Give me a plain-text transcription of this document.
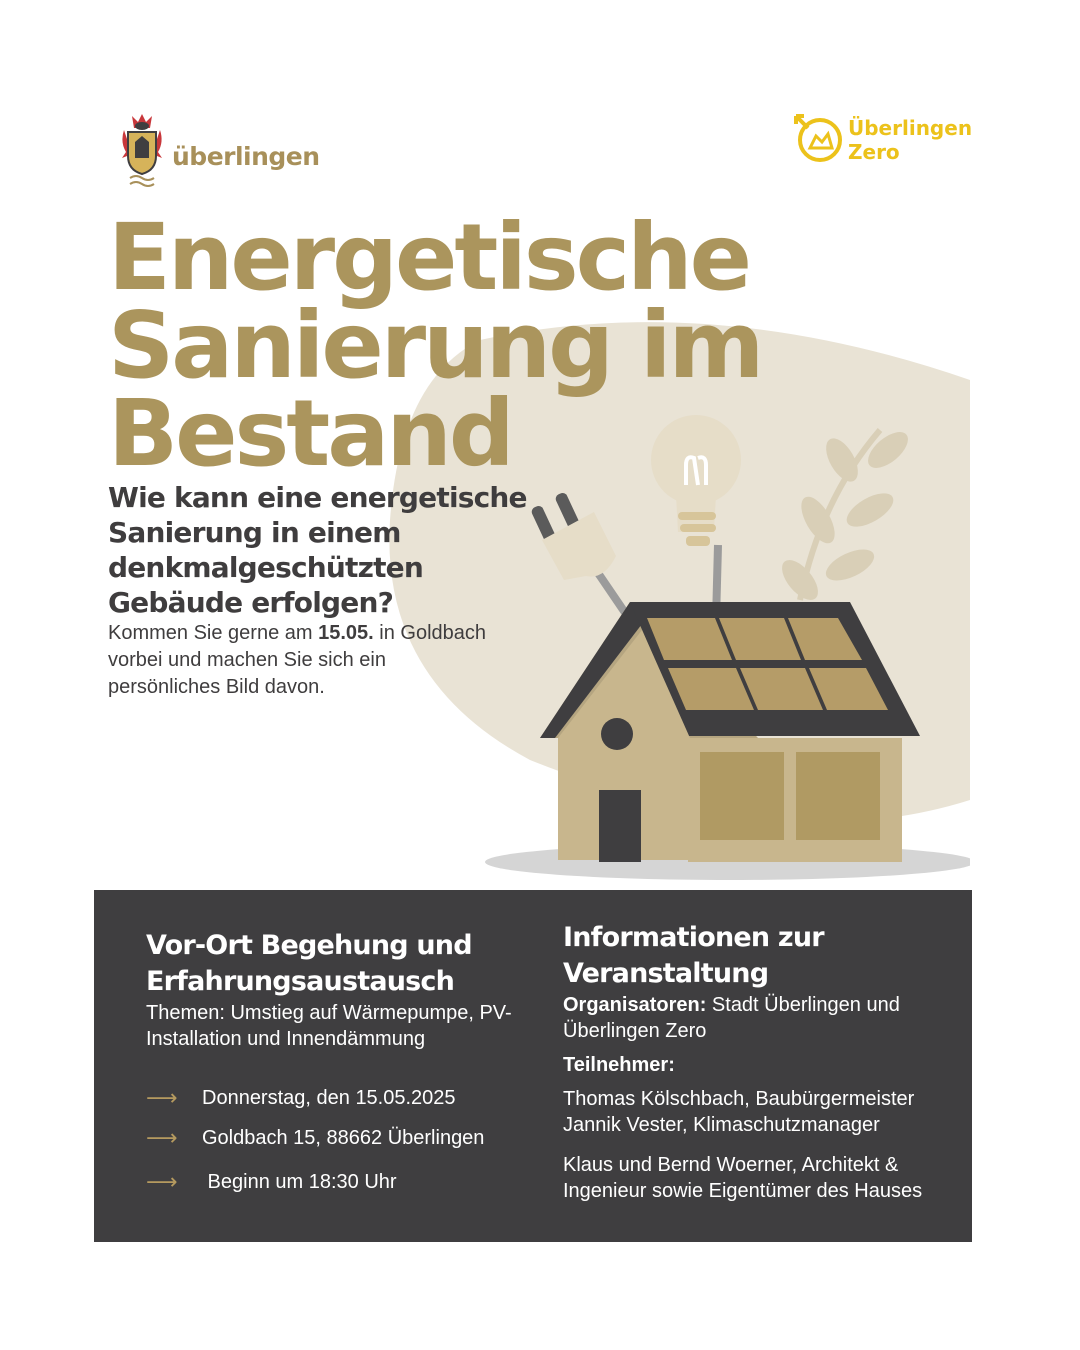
überlingen
Überlingen
Zero
Energetische
Sanierung im
Bestand
Wie kann eine energetische Sanierung in einem denkmalgeschützten Gebäude erfolgen?
Kommen Sie gerne am 15.05. in Goldbach vorbei und machen Sie sich ein persönliches Bild davon.
Vor-Ort Begehung und Erfahrungsaustausch

Themen: Umstieg auf Wärmepumpe, PV-Installation und Innendämmung

⟶	Donnerstag, den 15.05.2025
⟶	Goldbach 15, 88662 Überlingen
⟶	Beginn um 18:30 Uhr
Informationen zur Veranstaltung

Organisatoren: Stadt Überlingen und Überlingen Zero

Teilnehmer:

Thomas Kölschbach, Baubürgermeister

Jannik Vester, Klimaschutzmanager

Klaus und Bernd Woerner, Architekt & Ingenieur sowie Eigentümer des Hauses
